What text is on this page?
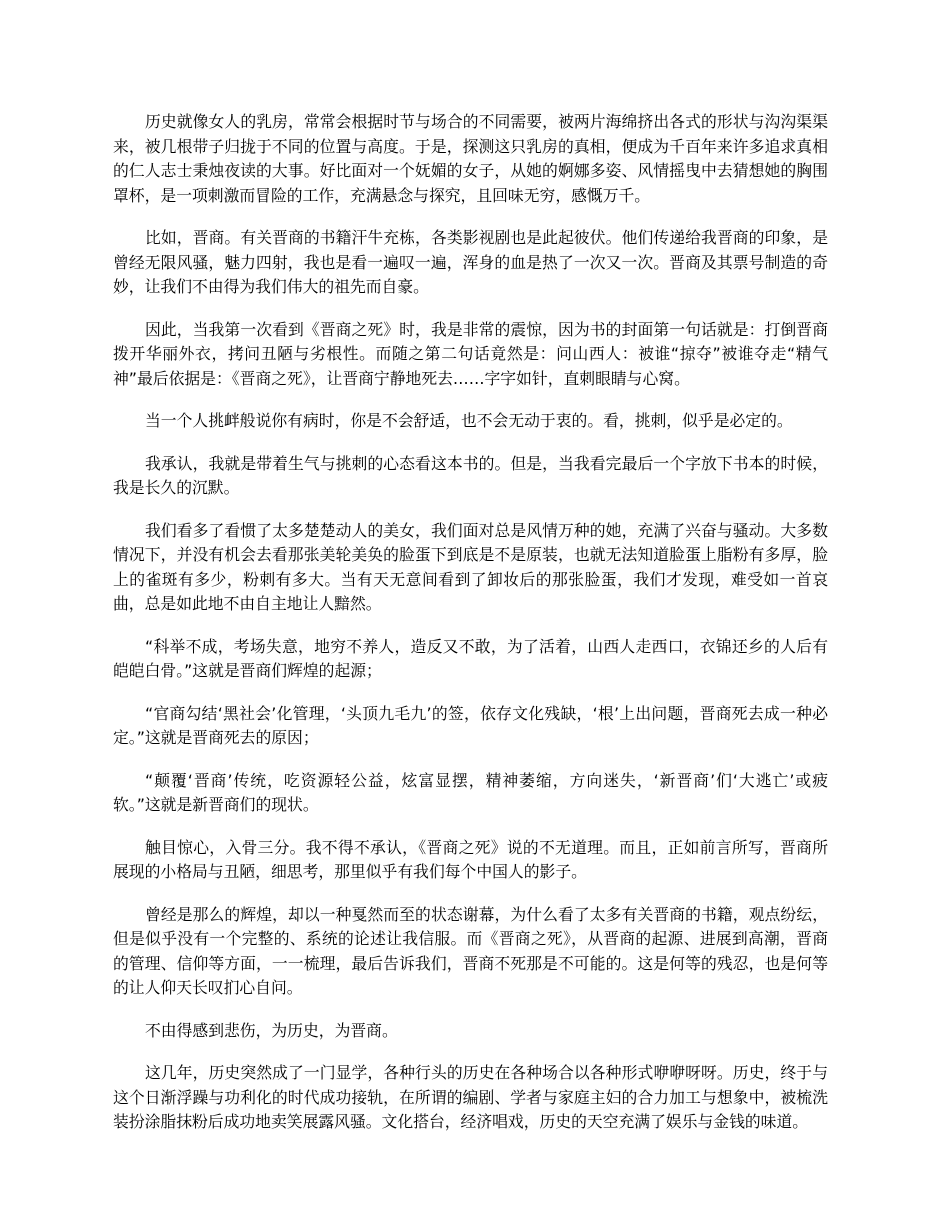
历史就像女人的乳房，常常会根据时节与场合的不同需要，被两片海绵挤出各式的形状与沟沟渠渠来，被几根带子归拢于不同的位置与高度。于是，探测这只乳房的真相，便成为千百年来许多追求真相的仁人志士秉烛夜读的大事。好比面对一个妩媚的女子，从她的婀娜多姿、风情摇曳中去猜想她的胸围罩杯，是一项刺激而冒险的工作，充满悬念与探究，且回味无穷，感慨万千。

比如，晋商。有关晋商的书籍汗牛充栋，各类影视剧也是此起彼伏。他们传递给我晋商的印象，是曾经无限风骚，魅力四射，我也是看一遍叹一遍，浑身的血是热了一次又一次。晋商及其票号制造的奇妙，让我们不由得为我们伟大的祖先而自豪。

因此，当我第一次看到《晋商之死》时，我是非常的震惊，因为书的封面第一句话就是：打倒晋商拨开华丽外衣，拷问丑陋与劣根性。而随之第二句话竟然是：问山西人：被谁“掠夺”被谁夺走“精气神”最后依据是：《晋商之死》，让晋商宁静地死去……字字如针，直刺眼睛与心窝。

当一个人挑衅般说你有病时，你是不会舒适，也不会无动于衷的。看，挑刺，似乎是必定的。

我承认，我就是带着生气与挑刺的心态看这本书的。但是，当我看完最后一个字放下书本的时候，我是长久的沉默。

我们看多了看惯了太多楚楚动人的美女，我们面对总是风情万种的她，充满了兴奋与骚动。大多数情况下，并没有机会去看那张美轮美奂的脸蛋下到底是不是原装，也就无法知道脸蛋上脂粉有多厚，脸上的雀斑有多少，粉刺有多大。当有天无意间看到了卸妆后的那张脸蛋，我们才发现，难受如一首哀曲，总是如此地不由自主地让人黯然。

“科举不成，考场失意，地穷不养人，造反又不敢，为了活着，山西人走西口，衣锦还乡的人后有皑皑白骨。”这就是晋商们辉煌的起源；

“官商勾结‘黑社会’化管理，‘头顶九毛九’的签，依存文化残缺，‘根’上出问题，晋商死去成一种必定。”这就是晋商死去的原因；

“颠覆‘晋商’传统，吃资源轻公益，炫富显摆，精神萎缩，方向迷失，‘新晋商’们‘大逃亡’或疲软。”这就是新晋商们的现状。

触目惊心，入骨三分。我不得不承认，《晋商之死》说的不无道理。而且，正如前言所写，晋商所展现的小格局与丑陋，细思考，那里似乎有我们每个中国人的影子。

曾经是那么的辉煌，却以一种戛然而至的状态谢幕，为什么看了太多有关晋商的书籍，观点纷纭，但是似乎没有一个完整的、系统的论述让我信服。而《晋商之死》，从晋商的起源、进展到高潮，晋商的管理、信仰等方面，一一梳理，最后告诉我们，晋商不死那是不可能的。这是何等的残忍，也是何等的让人仰天长叹扪心自问。

不由得感到悲伤，为历史，为晋商。

这几年，历史突然成了一门显学，各种行头的历史在各种场合以各种形式咿咿呀呀。历史，终于与这个日渐浮躁与功利化的时代成功接轨，在所谓的编剧、学者与家庭主妇的合力加工与想象中，被梳洗装扮涂脂抹粉后成功地卖笑展露风骚。文化搭台，经济唱戏，历史的天空充满了娱乐与金钱的味道。
